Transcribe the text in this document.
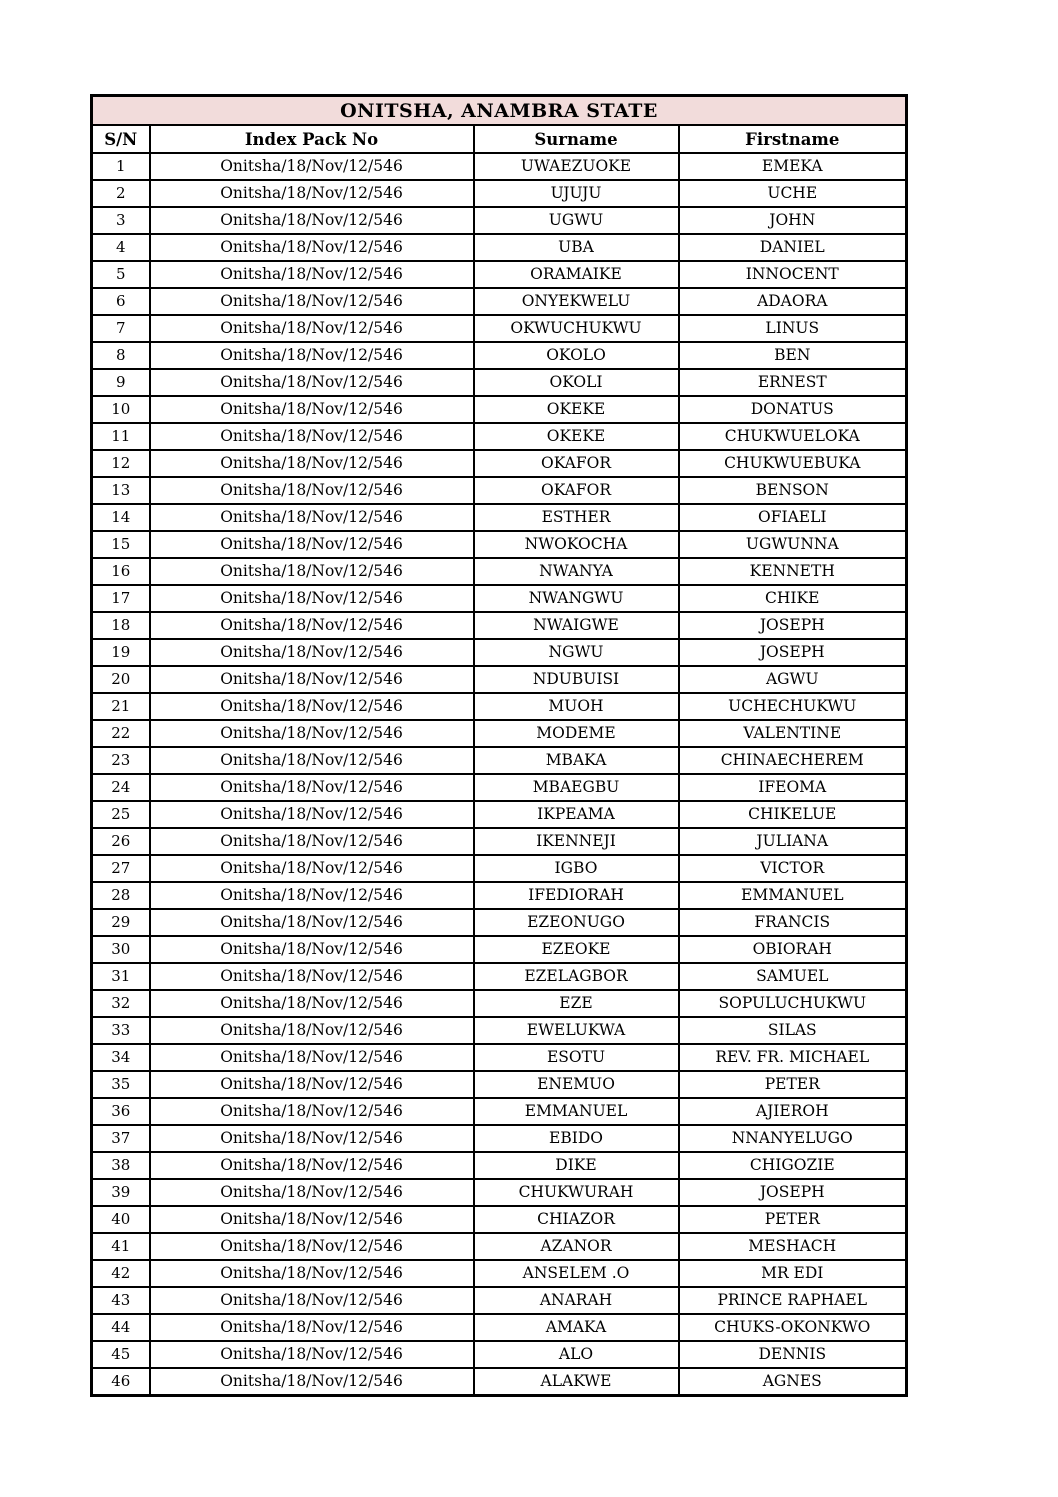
ONITSHA, ANAMBRA STATE			
S/N	Index Pack No	Surname	Firstname
1	Onitsha/18/Nov/12/546	UWAEZUOKE	EMEKA
2	Onitsha/18/Nov/12/546	UJUJU	UCHE
3	Onitsha/18/Nov/12/546	UGWU	JOHN
4	Onitsha/18/Nov/12/546	UBA	DANIEL
5	Onitsha/18/Nov/12/546	ORAMAIKE	INNOCENT
6	Onitsha/18/Nov/12/546	ONYEKWELU	ADAORA
7	Onitsha/18/Nov/12/546	OKWUCHUKWU	LINUS
8	Onitsha/18/Nov/12/546	OKOLO	BEN
9	Onitsha/18/Nov/12/546	OKOLI	ERNEST
10	Onitsha/18/Nov/12/546	OKEKE	DONATUS
11	Onitsha/18/Nov/12/546	OKEKE	CHUKWUELOKA
12	Onitsha/18/Nov/12/546	OKAFOR	CHUKWUEBUKA
13	Onitsha/18/Nov/12/546	OKAFOR	BENSON
14	Onitsha/18/Nov/12/546	ESTHER	OFIAELI
15	Onitsha/18/Nov/12/546	NWOKOCHA	UGWUNNA
16	Onitsha/18/Nov/12/546	NWANYA	KENNETH
17	Onitsha/18/Nov/12/546	NWANGWU	CHIKE
18	Onitsha/18/Nov/12/546	NWAIGWE	JOSEPH
19	Onitsha/18/Nov/12/546	NGWU	JOSEPH
20	Onitsha/18/Nov/12/546	NDUBUISI	AGWU
21	Onitsha/18/Nov/12/546	MUOH	UCHECHUKWU
22	Onitsha/18/Nov/12/546	MODEME	VALENTINE
23	Onitsha/18/Nov/12/546	MBAKA	CHINAECHEREM
24	Onitsha/18/Nov/12/546	MBAEGBU	IFEOMA
25	Onitsha/18/Nov/12/546	IKPEAMA	CHIKELUE
26	Onitsha/18/Nov/12/546	IKENNEJI	JULIANA
27	Onitsha/18/Nov/12/546	IGBO	VICTOR
28	Onitsha/18/Nov/12/546	IFEDIORAH	EMMANUEL
29	Onitsha/18/Nov/12/546	EZEONUGO	FRANCIS
30	Onitsha/18/Nov/12/546	EZEOKE	OBIORAH
31	Onitsha/18/Nov/12/546	EZELAGBOR	SAMUEL
32	Onitsha/18/Nov/12/546	EZE	SOPULUCHUKWU
33	Onitsha/18/Nov/12/546	EWELUKWA	SILAS
34	Onitsha/18/Nov/12/546	ESOTU	REV. FR. MICHAEL
35	Onitsha/18/Nov/12/546	ENEMUO	PETER
36	Onitsha/18/Nov/12/546	EMMANUEL	AJIEROH
37	Onitsha/18/Nov/12/546	EBIDO	NNANYELUGO
38	Onitsha/18/Nov/12/546	DIKE	CHIGOZIE
39	Onitsha/18/Nov/12/546	CHUKWURAH	JOSEPH
40	Onitsha/18/Nov/12/546	CHIAZOR	PETER
41	Onitsha/18/Nov/12/546	AZANOR	MESHACH
42	Onitsha/18/Nov/12/546	ANSELEM .O	MR EDI
43	Onitsha/18/Nov/12/546	ANARAH	PRINCE RAPHAEL
44	Onitsha/18/Nov/12/546	AMAKA	CHUKS-OKONKWO
45	Onitsha/18/Nov/12/546	ALO	DENNIS
46	Onitsha/18/Nov/12/546	ALAKWE	AGNES
